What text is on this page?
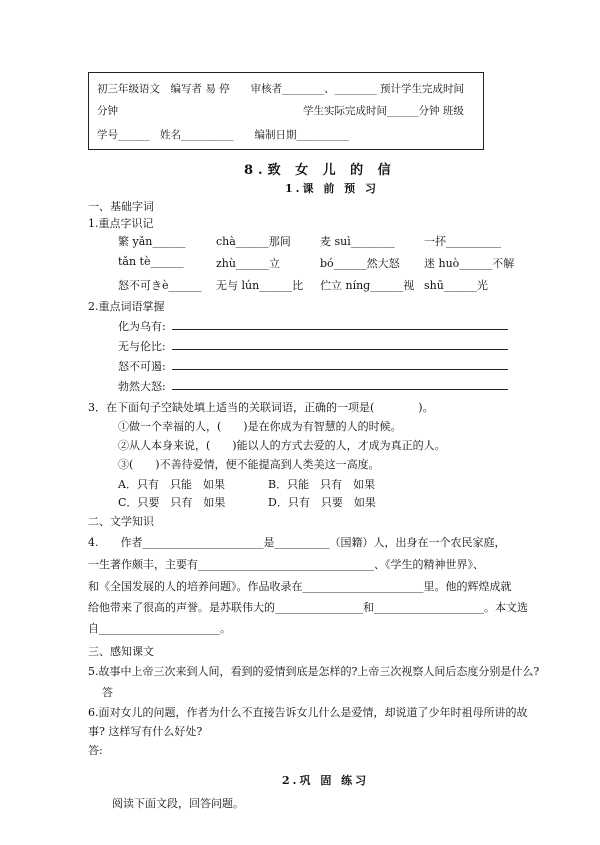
初三年级语文　编写者 易 停　　审核者________、________ 预计学生完成时间
分钟	学生实际完成时间______分钟 班级
学号______　姓名__________　　编制日期__________
8.致 女 儿 的 信
1.课 前 预 习
一、基础字词
1.重点字识记
繁 yǎn______	chà______那间	麦 suì________	一抔__________
tǎn tè______	zhù______立	bó______然大怒 迷 huò______不解
怒不可きè______ 无与 lún______比 伫立 nínɡ______视 shū______光
2.重点词语掌握
化为乌有:
无与伦比:
怒不可遏:
勃然大怒:
3．在下面句子空缺处填上适当的关联词语，正确的一项是(　　　　)。
①做一个幸福的人，(　　)是在你成为有智慧的人的时候。
②从人本身来说，(　　)能以人的方式去爱的人，才成为真正的人。
③(　　)不善待爱情，便不能提高到人类美这一高度。
A．只有　只能　如果	B．只能　只有　如果
C．只要　只有　如果	D．只有　只要　如果
二、文学知识
4.　　作者______________________是__________（国籍）人，出身在一个农民家庭，
一生著作颇丰，主要有________________________________、《学生的精神世界》、
和《全国发展的人的培养问题》。作品收录在______________________里。他的辉煌成就
给他带来了很高的声誉。是苏联伟大的________________和____________________。本文选
自______________________。
三、感知课文
5.故事中上帝三次来到人间，看到的爱情到底是怎样的?上帝三次视察人间后态度分别是什么?
答
6.面对女儿的问题，作者为什么不直接告诉女儿什么是爱情，却说道了少年时祖母所讲的故
事? 这样写有什么好处?
答:
2.巩 固 练习
阅读下面文段，回答问题。
